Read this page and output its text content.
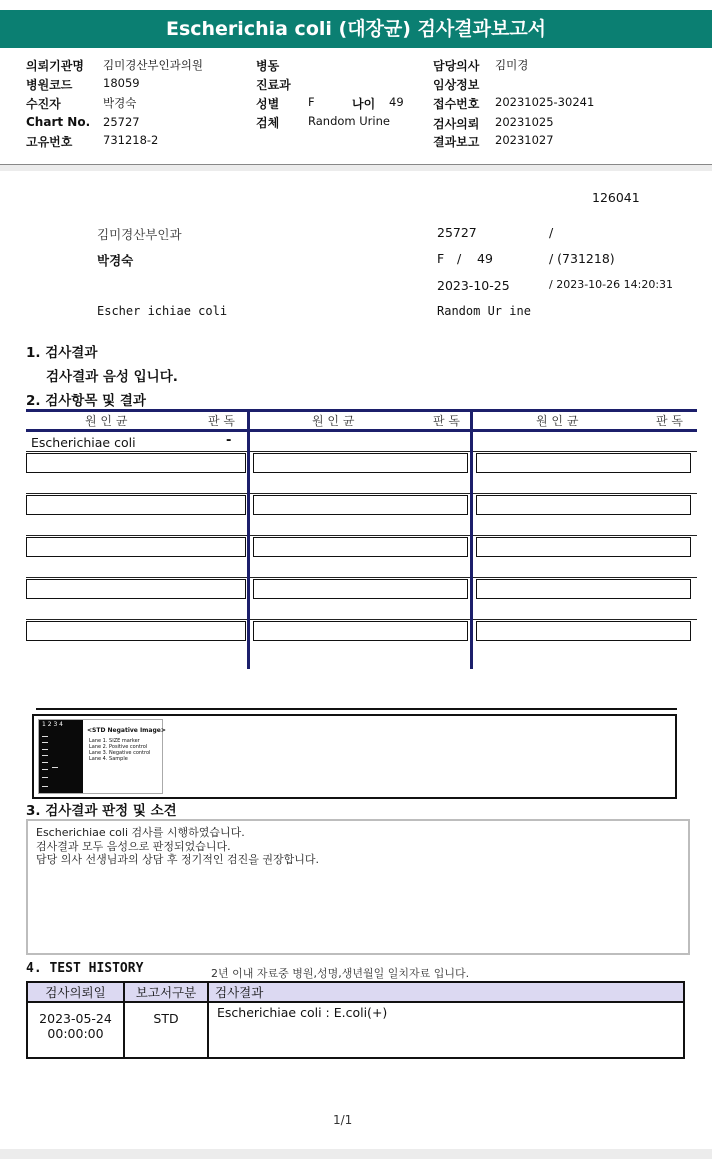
Escherichia coli (대장균) 검사결과보고서
의뢰기관명 김미경산부인과의원
병원코드	18059
수진자	박경숙
Chart No. 25727
고유번호	731218-2
병동
진료과
성별	F	나이 49
검체	Random Urine
담당의사 김미경
임상정보
접수번호 20231025-30241
검사의뢰 20231025
결과보고 20231027
126041
김미경산부인과	25727	/
박경숙	F / 49	/ (731218)
2023-10-25	/ 2023-10-26 14:20:31
Escher ichiae coli	Random Ur ine
1. 검사결과
검사결과 음성 입니다.
2. 검사항목 및 결과
원 인 균	판 독	원 인 균	판 독	원 인 균	판 독
Escherichiae coli	-
1 2 3 4
<STD Negative Image>
Lane 1. SIZE marker
Lane 2. Positive control
Lane 3. Negative control
Lane 4. Sample
3. 검사결과 판정 및 소견
Escherichiae coli 검사를 시행하였습니다.
검사결과 모두 음성으로 판정되었습니다.
담당 의사 선생님과의 상담 후 정기적인 검진을 권장합니다.
4. TEST HISTORY	2년 이내 자료중 병원,성명,생년월일 일치자료 입니다.
검사의뢰일	보고서구분	검사결과

2023-05-24
00:00:00	STD	Escherichiae coli : E.coli(+)
1/1
